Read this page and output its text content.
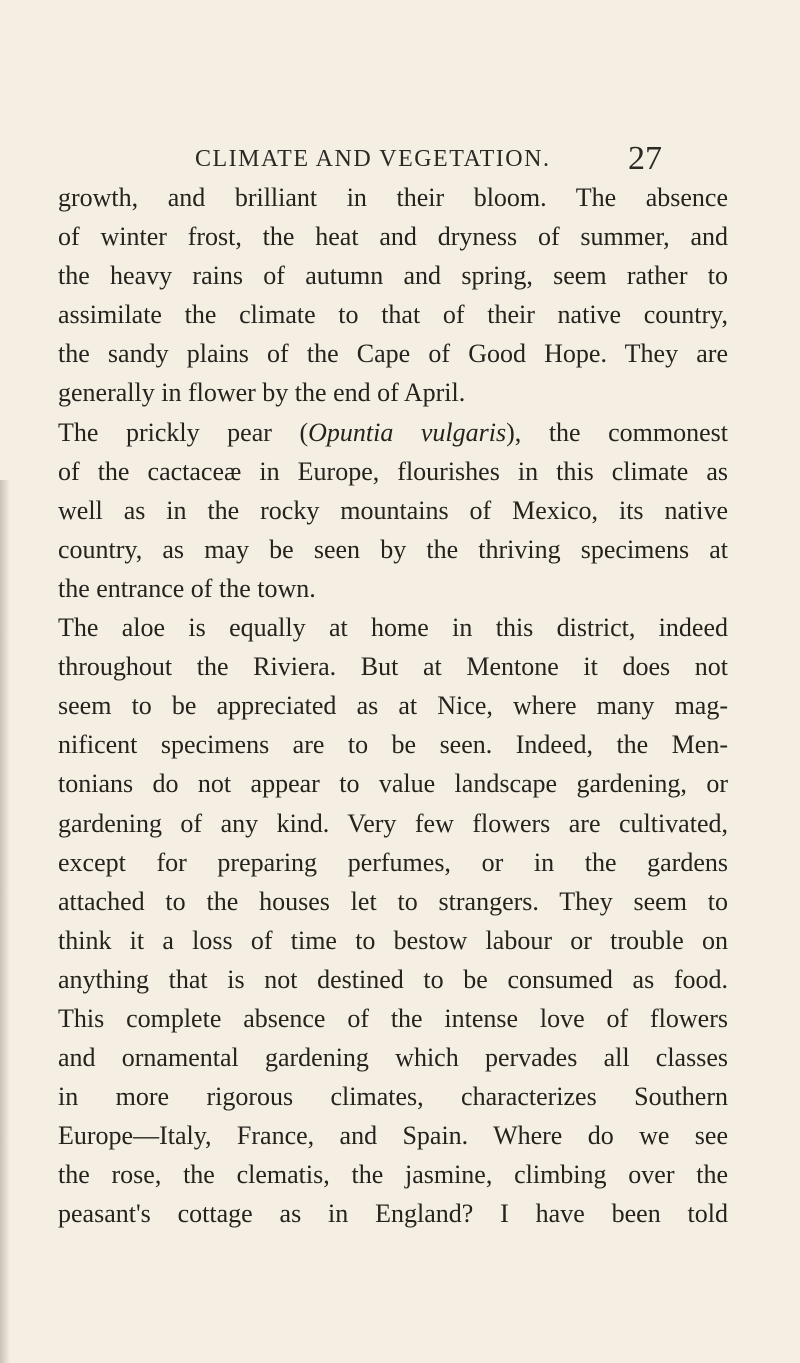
CLIMATE AND VEGETATION. 27
growth, and brilliant in their bloom. The absence
of winter frost, the heat and dryness of summer, and
the heavy rains of autumn and spring, seem rather to
assimilate the climate to that of their native country,
the sandy plains of the Cape of Good Hope. They are
generally in flower by the end of April.
The prickly pear (Opuntia vulgaris), the commonest
of the cactaceæ in Europe, flourishes in this climate as
well as in the rocky mountains of Mexico, its native
country, as may be seen by the thriving specimens at
the entrance of the town.
The aloe is equally at home in this district, indeed
throughout the Riviera. But at Mentone it does not
seem to be appreciated as at Nice, where many mag-
nificent specimens are to be seen. Indeed, the Men-
tonians do not appear to value landscape gardening, or
gardening of any kind. Very few flowers are cultivated,
except for preparing perfumes, or in the gardens
attached to the houses let to strangers. They seem to
think it a loss of time to bestow labour or trouble on
anything that is not destined to be consumed as food.
This complete absence of the intense love of flowers
and ornamental gardening which pervades all classes
in more rigorous climates, characterizes Southern
Europe—Italy, France, and Spain. Where do we see
the rose, the clematis, the jasmine, climbing over the
peasant's cottage as in England? I have been told
